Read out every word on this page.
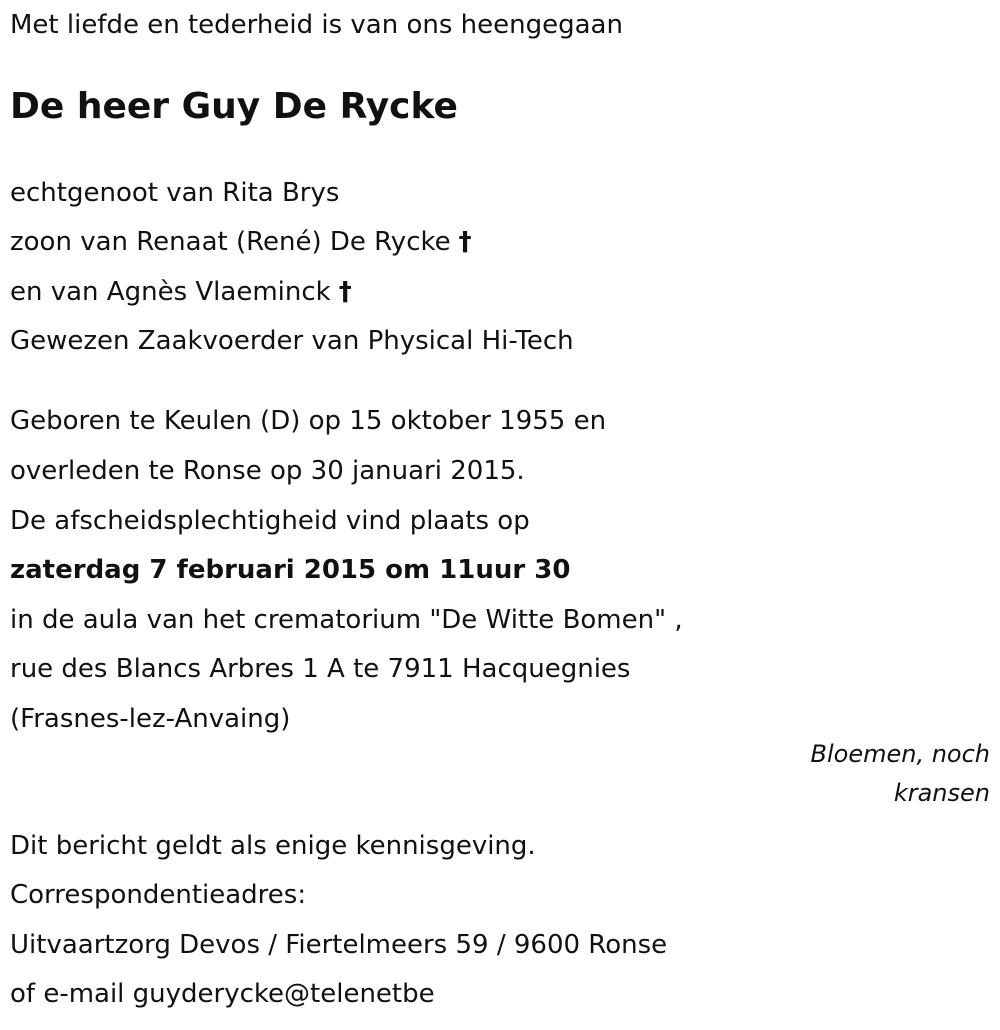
Met liefde en tederheid is van ons heengegaan
De heer Guy De Rycke
echtgenoot van Rita Brys
zoon van Renaat (René) De Rycke †
en van Agnès Vlaeminck †
Gewezen Zaakvoerder van Physical Hi-Tech
Geboren te Keulen (D) op 15 oktober 1955 en
overleden te Ronse op 30 januari 2015.
De afscheidsplechtigheid vind plaats op
zaterdag 7 februari 2015 om 11uur 30
in de aula van het crematorium "De Witte Bomen" ,
rue des Blancs Arbres 1 A te 7911 Hacquegnies
(Frasnes-lez-Anvaing)
Bloemen, noch
kransen
Dit bericht geldt als enige kennisgeving.
Correspondentieadres:
Uitvaartzorg Devos / Fiertelmeers 59 / 9600 Ronse
of e-mail guyderycke@telenetbe
